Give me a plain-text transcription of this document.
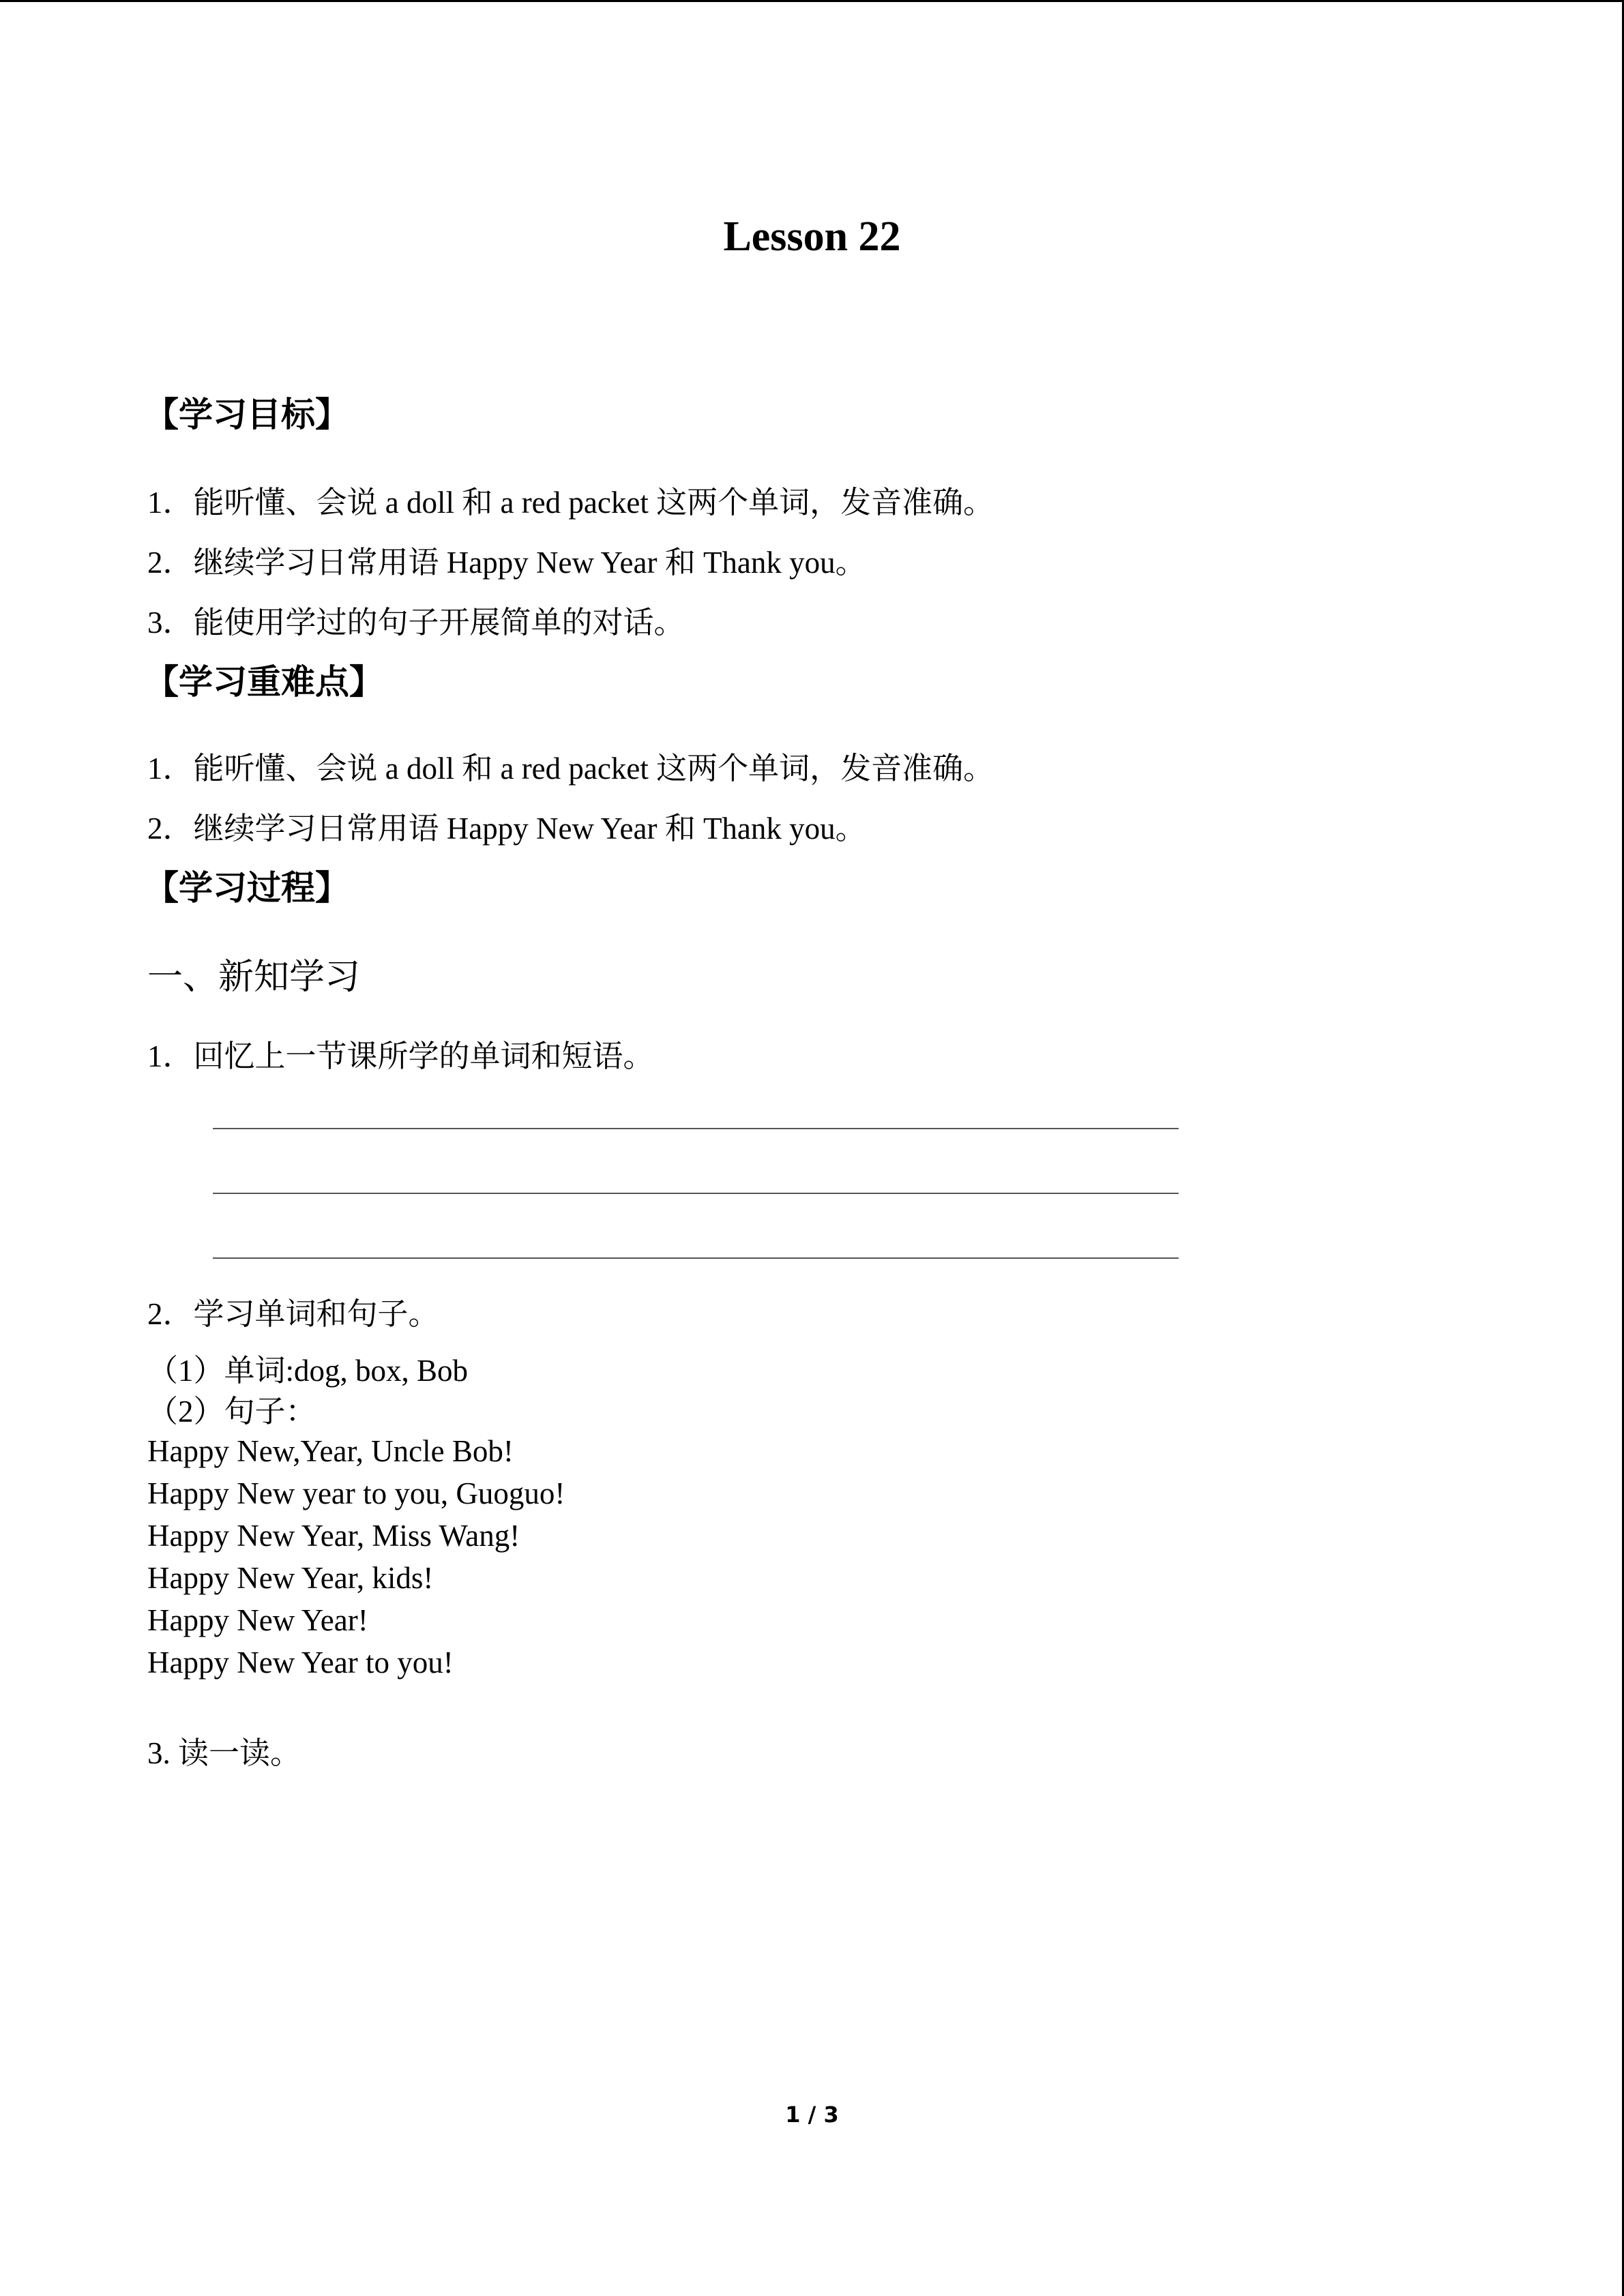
Lesson 22
【学习目标】
1．能听懂、会说 a doll 和 a red packet 这两个单词，发音准确。
2．继续学习日常用语 Happy New Year 和 Thank you。
3．能使用学过的句子开展简单的对话。
【学习重难点】
1．能听懂、会说 a doll 和 a red packet 这两个单词，发音准确。
2．继续学习日常用语 Happy New Year 和 Thank you。
【学习过程】
一、新知学习
1．回忆上一节课所学的单词和短语。
2．学习单词和句子。
（1）单词:dog, box, Bob
（2）句子：
Happy New,Year, Uncle Bob!
Happy New year to you, Guoguo!
Happy New Year, Miss Wang!
Happy New Year, kids!
Happy New Year!
Happy New Year to you!
3. 读一读。
1 / 3
